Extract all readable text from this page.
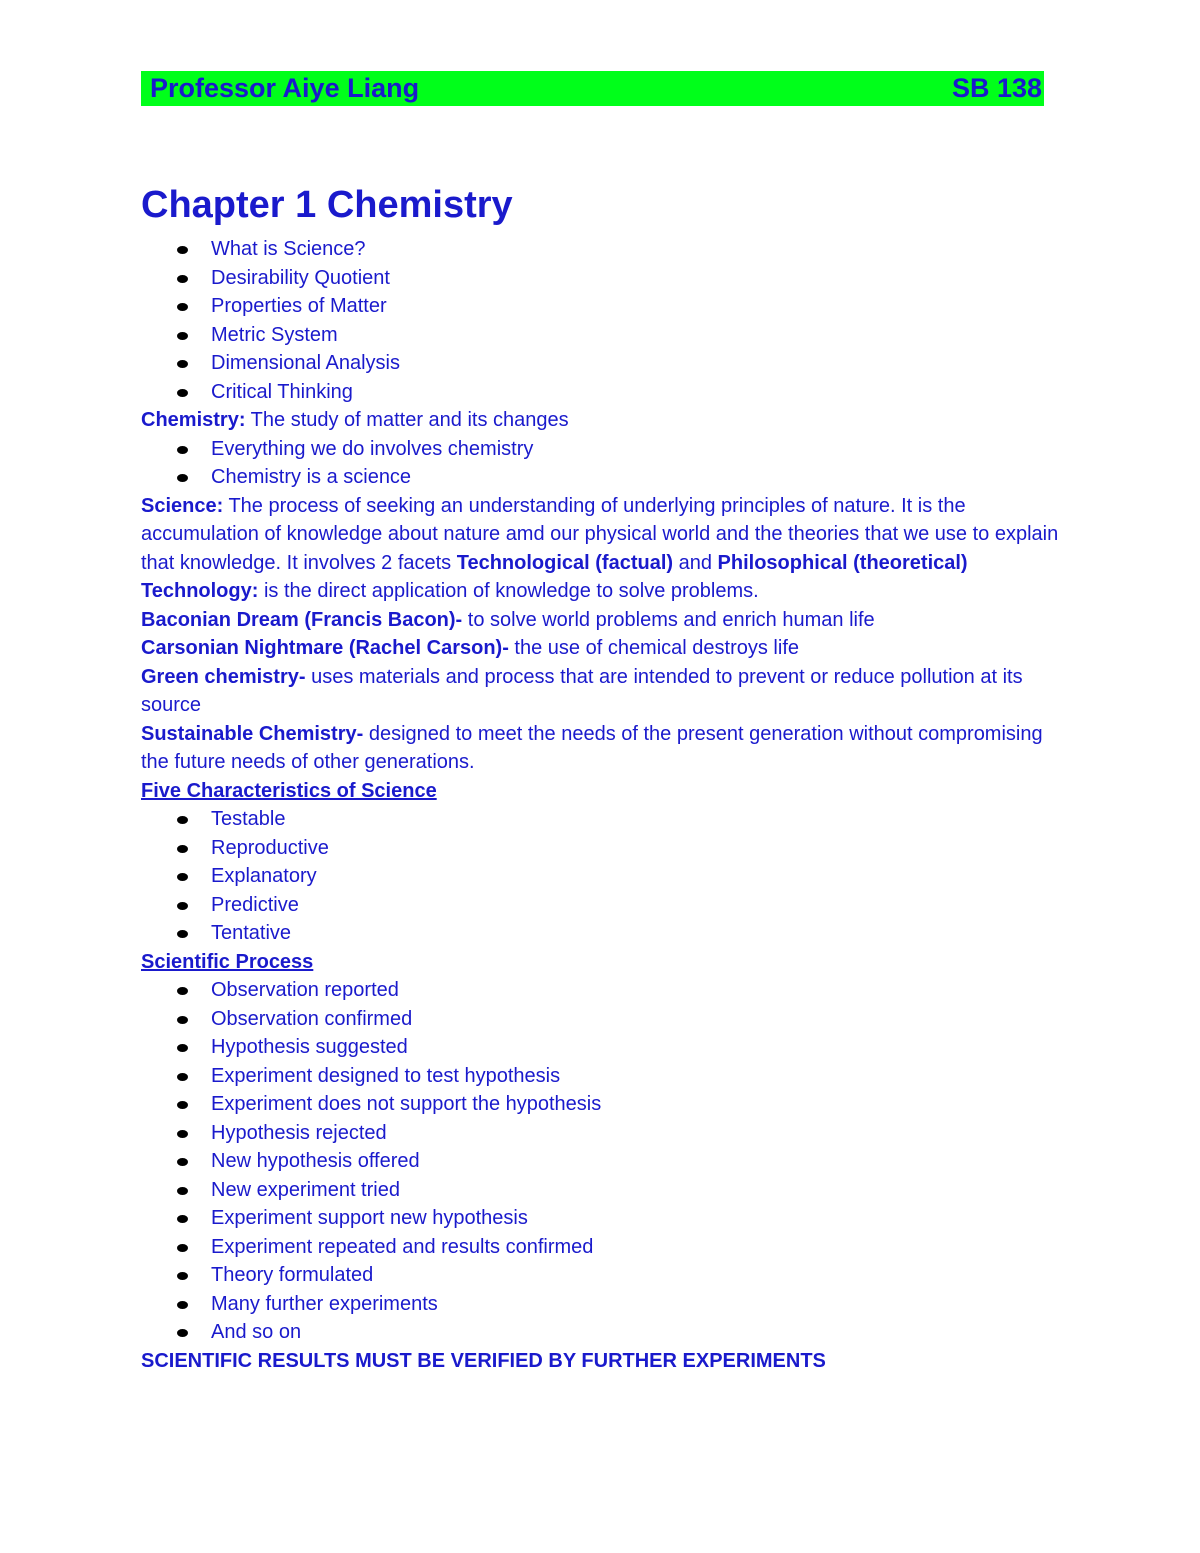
Professor Aiye Liang	SB 138
Chapter 1 Chemistry
What is Science?
Desirability Quotient
Properties of Matter
Metric System
Dimensional Analysis
Critical Thinking

Chemistry: The study of matter and its changes

Everything we do involves chemistry
Chemistry is a science

Science: The process of seeking an understanding of underlying principles of nature. It is the accumulation of knowledge about nature amd our physical world and the theories that we use to explain that knowledge. It involves 2 facets Technological (factual) and Philosophical (theoretical)

Technology: is the direct application of knowledge to solve problems.

Baconian Dream (Francis Bacon)- to solve world problems and enrich human life

Carsonian Nightmare (Rachel Carson)- the use of chemical destroys life

Green chemistry- uses materials and process that are intended to prevent or reduce pollution at its source

Sustainable Chemistry- designed to meet the needs of the present generation without compromising the future needs of other generations.

Five Characteristics of Science

Testable
Reproductive
Explanatory
Predictive
Tentative

Scientific Process

Observation reported
Observation confirmed
Hypothesis suggested
Experiment designed to test hypothesis
Experiment does not support the hypothesis
Hypothesis rejected
New hypothesis offered
New experiment tried
Experiment support new hypothesis
Experiment repeated and results confirmed
Theory formulated
Many further experiments
And so on

SCIENTIFIC RESULTS MUST BE VERIFIED BY FURTHER EXPERIMENTS
